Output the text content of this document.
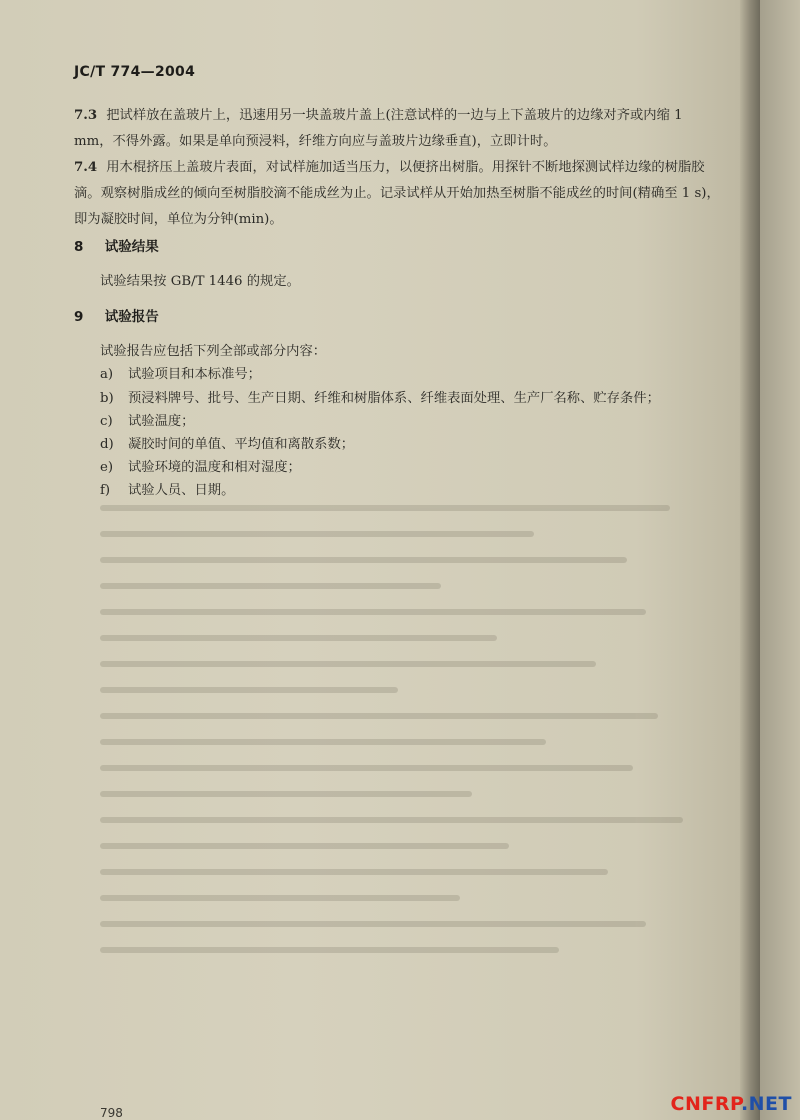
JC/T 774—2004
7.3 把试样放在盖玻片上，迅速用另一块盖玻片盖上(注意试样的一边与上下盖玻片的边缘对齐或内缩 1 mm，不得外露。如果是单向预浸料，纤维方向应与盖玻片边缘垂直)，立即计时。
7.4 用木棍挤压上盖玻片表面，对试样施加适当压力，以便挤出树脂。用探针不断地探测试样边缘的树脂胶滴。观察树脂成丝的倾向至树脂胶滴不能成丝为止。记录试样从开始加热至树脂不能成丝的时间(精确至 1 s)，即为凝胶时间，单位为分钟(min)。
8 试验结果
试验结果按 GB/T 1446 的规定。
9 试验报告
试验报告应包括下列全部或部分内容：
a) 试验项目和本标准号；
b) 预浸料牌号、批号、生产日期、纤维和树脂体系、纤维表面处理、生产厂名称、贮存条件；
c) 试验温度；
d) 凝胶时间的单值、平均值和离散系数；
e) 试验环境的温度和相对湿度；
f) 试验人员、日期。
798	CNFRP.NET
